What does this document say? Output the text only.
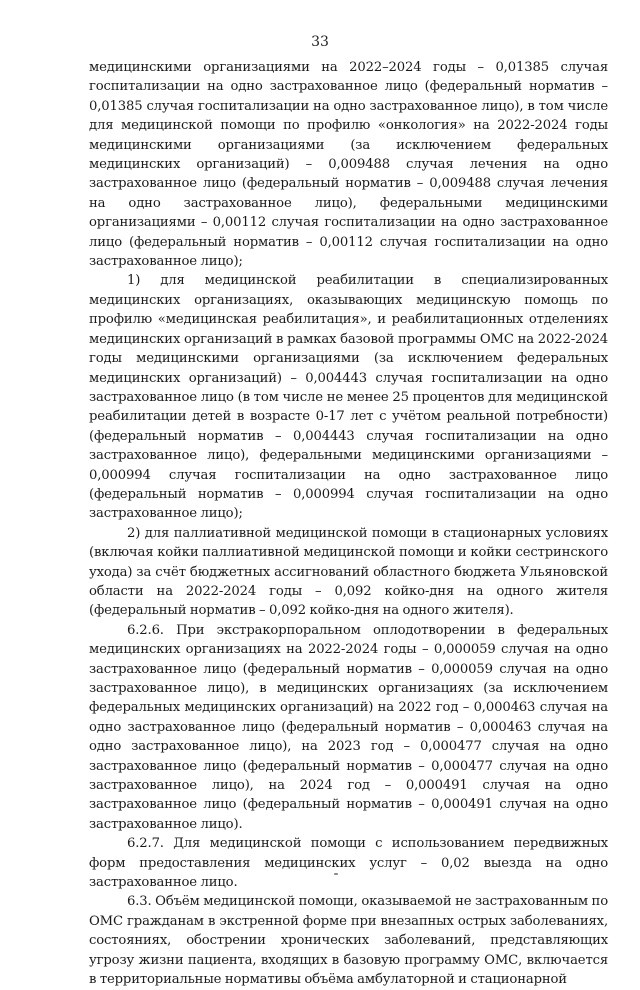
33

медицинскими организациями на 2022–2024 годы – 0,01385 случая госпитализации на одно застрахованное лицо (федеральный норматив – 0,01385 случая госпитализации на одно застрахованное лицо), в том числе для медицинской помощи по профилю «онкология» на 2022-2024 годы медицинскими организациями (за исключением федеральных медицинских организаций) – 0,009488 случая лечения на одно застрахованное лицо (федеральный норматив – 0,009488 случая лечения на одно застрахованное лицо), федеральными медицинскими организациями – 0,00112 случая госпитализации на одно застрахованное лицо (федеральный норматив – 0,00112 случая госпитализации на одно застрахованное лицо);

1) для медицинской реабилитации в специализированных медицинских организациях, оказывающих медицинскую помощь по профилю «медицинская реабилитация», и реабилитационных отделениях медицинских организаций в рамках базовой программы ОМС на 2022-2024 годы медицинскими организациями (за исключением федеральных медицинских организаций) – 0,004443 случая госпитализации на одно застрахованное лицо (в том числе не менее 25 процентов для медицинской реабилитации детей в возрасте 0-17 лет с учётом реальной потребности) (федеральный норматив – 0,004443 случая госпитализации на одно застрахованное лицо), федеральными медицинскими организациями – 0,000994 случая госпитализации на одно застрахованное лицо (федеральный норматив – 0,000994 случая госпитализации на одно застрахованное лицо);

2) для паллиативной медицинской помощи в стационарных условиях (включая койки паллиативной медицинской помощи и койки сестринского ухода) за счёт бюджетных ассигнований областного бюджета Ульяновской области на 2022-2024 годы – 0,092 койко-дня на одного жителя (федеральный норматив – 0,092 койко-дня на одного жителя).

6.2.6. При экстракорпоральном оплодотворении в федеральных медицинских организациях на 2022-2024 годы – 0,000059 случая на одно застрахованное лицо (федеральный норматив – 0,000059 случая на одно застрахованное лицо), в медицинских организациях (за исключением федеральных медицинских организаций) на 2022 год – 0,000463 случая на одно застрахованное лицо (федеральный норматив – 0,000463 случая на одно застрахованное лицо), на 2023 год – 0,000477 случая на одно застрахованное лицо (федеральный норматив – 0,000477 случая на одно застрахованное лицо), на 2024 год – 0,000491 случая на одно застрахованное лицо (федеральный норматив – 0,000491 случая на одно застрахованное лицо).

6.2.7. Для медицинской помощи с использованием передвижных форм предоставления медицинских услуг – 0,02 выезда на одно застрахованное лицо.

6.3. Объём медицинской помощи, оказываемой не застрахованным по ОМС гражданам в экстренной форме при внезапных острых заболеваниях, состояниях, обострении хронических заболеваний, представляющих угрозу жизни пациента, входящих в базовую программу ОМС, включается в территориальные нормативы объёма амбулаторной и стационарной
